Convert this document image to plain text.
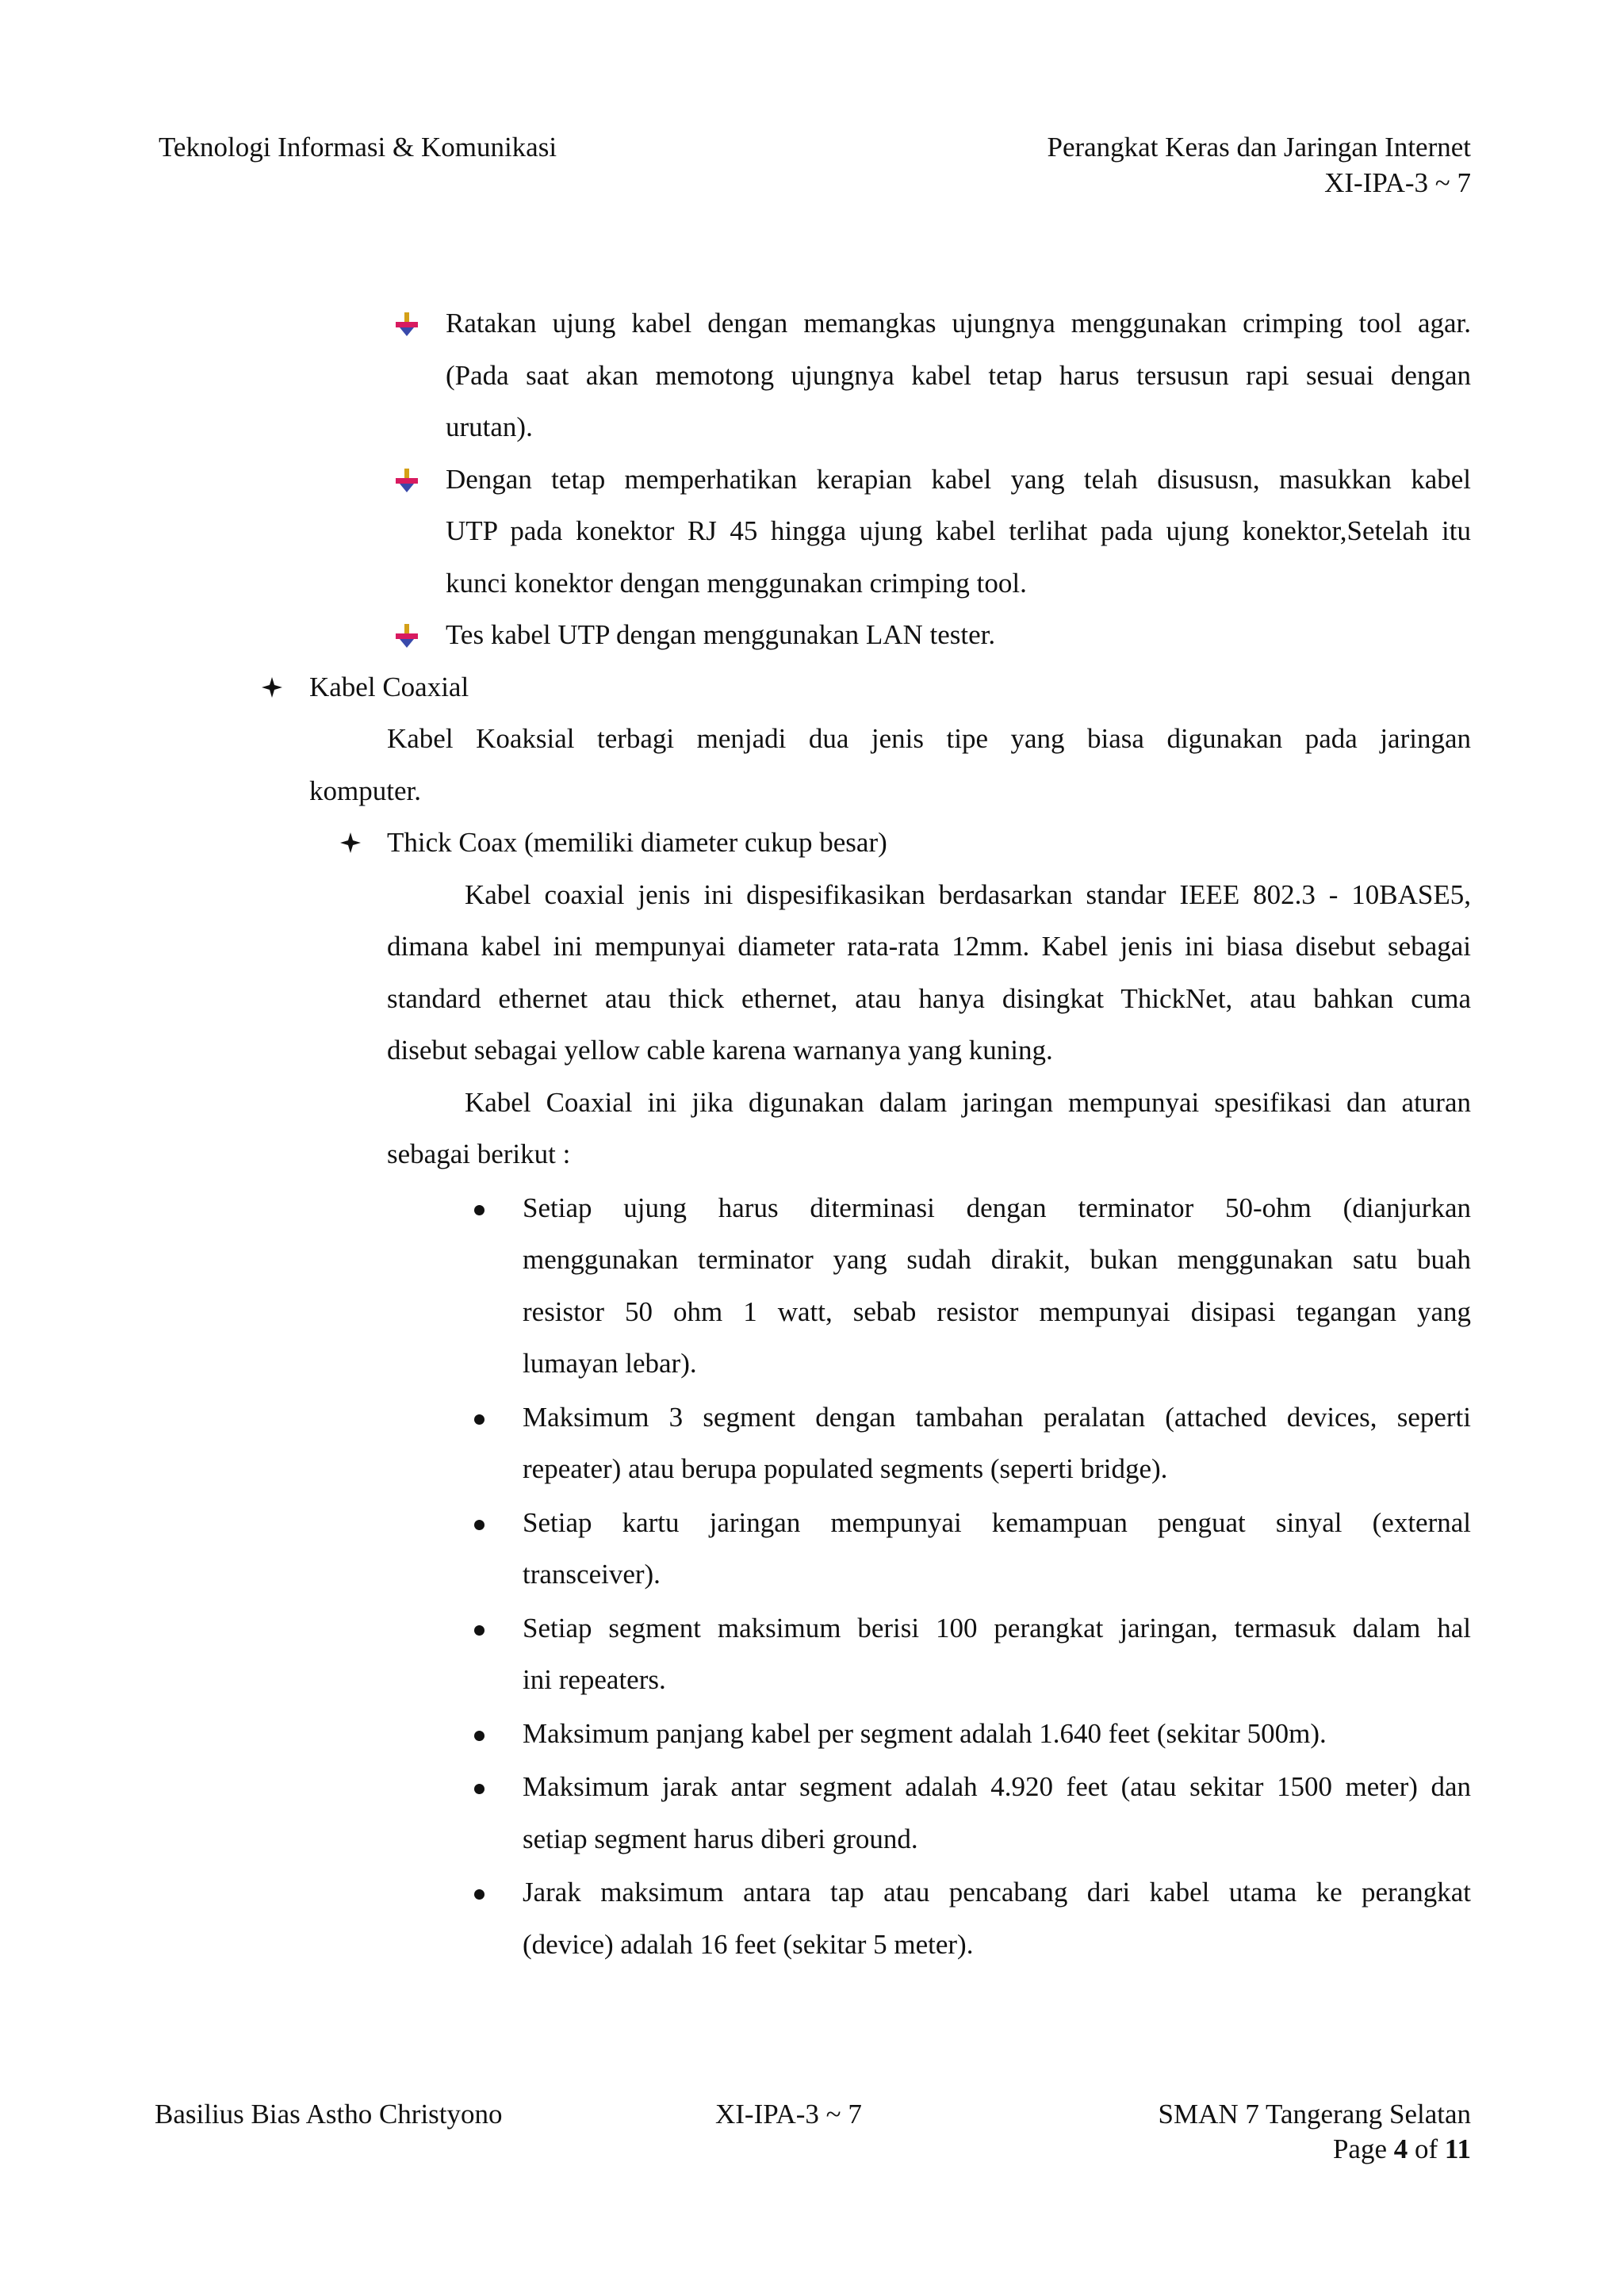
Teknologi Informasi & Komunikasi	Perangkat Keras dan Jaringan Internet
XI-IPA-3 ~ 7
Ratakan ujung kabel dengan memangkas ujungnya menggunakan crimping tool agar.
(Pada saat akan memotong ujungnya kabel tetap harus tersusun rapi sesuai dengan
urutan).
Dengan tetap memperhatikan kerapian kabel yang telah disususn, masukkan kabel
UTP pada konektor RJ 45 hingga ujung kabel terlihat pada ujung konektor,Setelah itu
kunci konektor dengan menggunakan crimping tool.
Tes kabel UTP dengan menggunakan LAN tester.
Kabel Coaxial
Kabel Koaksial terbagi menjadi dua jenis tipe yang biasa digunakan pada jaringan
komputer.
Thick Coax (memiliki diameter cukup besar)
Kabel coaxial jenis ini dispesifikasikan berdasarkan standar IEEE 802.3 - 10BASE5,
dimana kabel ini mempunyai diameter rata-rata 12mm. Kabel jenis ini biasa disebut sebagai
standard ethernet atau thick ethernet, atau hanya disingkat ThickNet, atau bahkan cuma
disebut sebagai yellow cable karena warnanya yang kuning.
Kabel Coaxial ini jika digunakan dalam jaringan mempunyai spesifikasi dan aturan
sebagai berikut :
Setiap ujung harus diterminasi dengan terminator 50-ohm (dianjurkan
menggunakan terminator yang sudah dirakit, bukan menggunakan satu buah
resistor 50 ohm 1 watt, sebab resistor mempunyai disipasi tegangan yang
lumayan lebar).
Maksimum 3 segment dengan tambahan peralatan (attached devices, seperti
repeater) atau berupa populated segments (seperti bridge).
Setiap kartu jaringan mempunyai kemampuan penguat sinyal (external
transceiver).
Setiap segment maksimum berisi 100 perangkat jaringan, termasuk dalam hal
ini repeaters.
Maksimum panjang kabel per segment adalah 1.640 feet (sekitar 500m).
Maksimum jarak antar segment adalah 4.920 feet (atau sekitar 1500 meter) dan
setiap segment harus diberi ground.
Jarak maksimum antara tap atau pencabang dari kabel utama ke perangkat
(device) adalah 16 feet (sekitar 5 meter).
Basilius Bias Astho Christyono	XI-IPA-3 ~ 7	SMAN 7 Tangerang Selatan
Page 4 of 11
